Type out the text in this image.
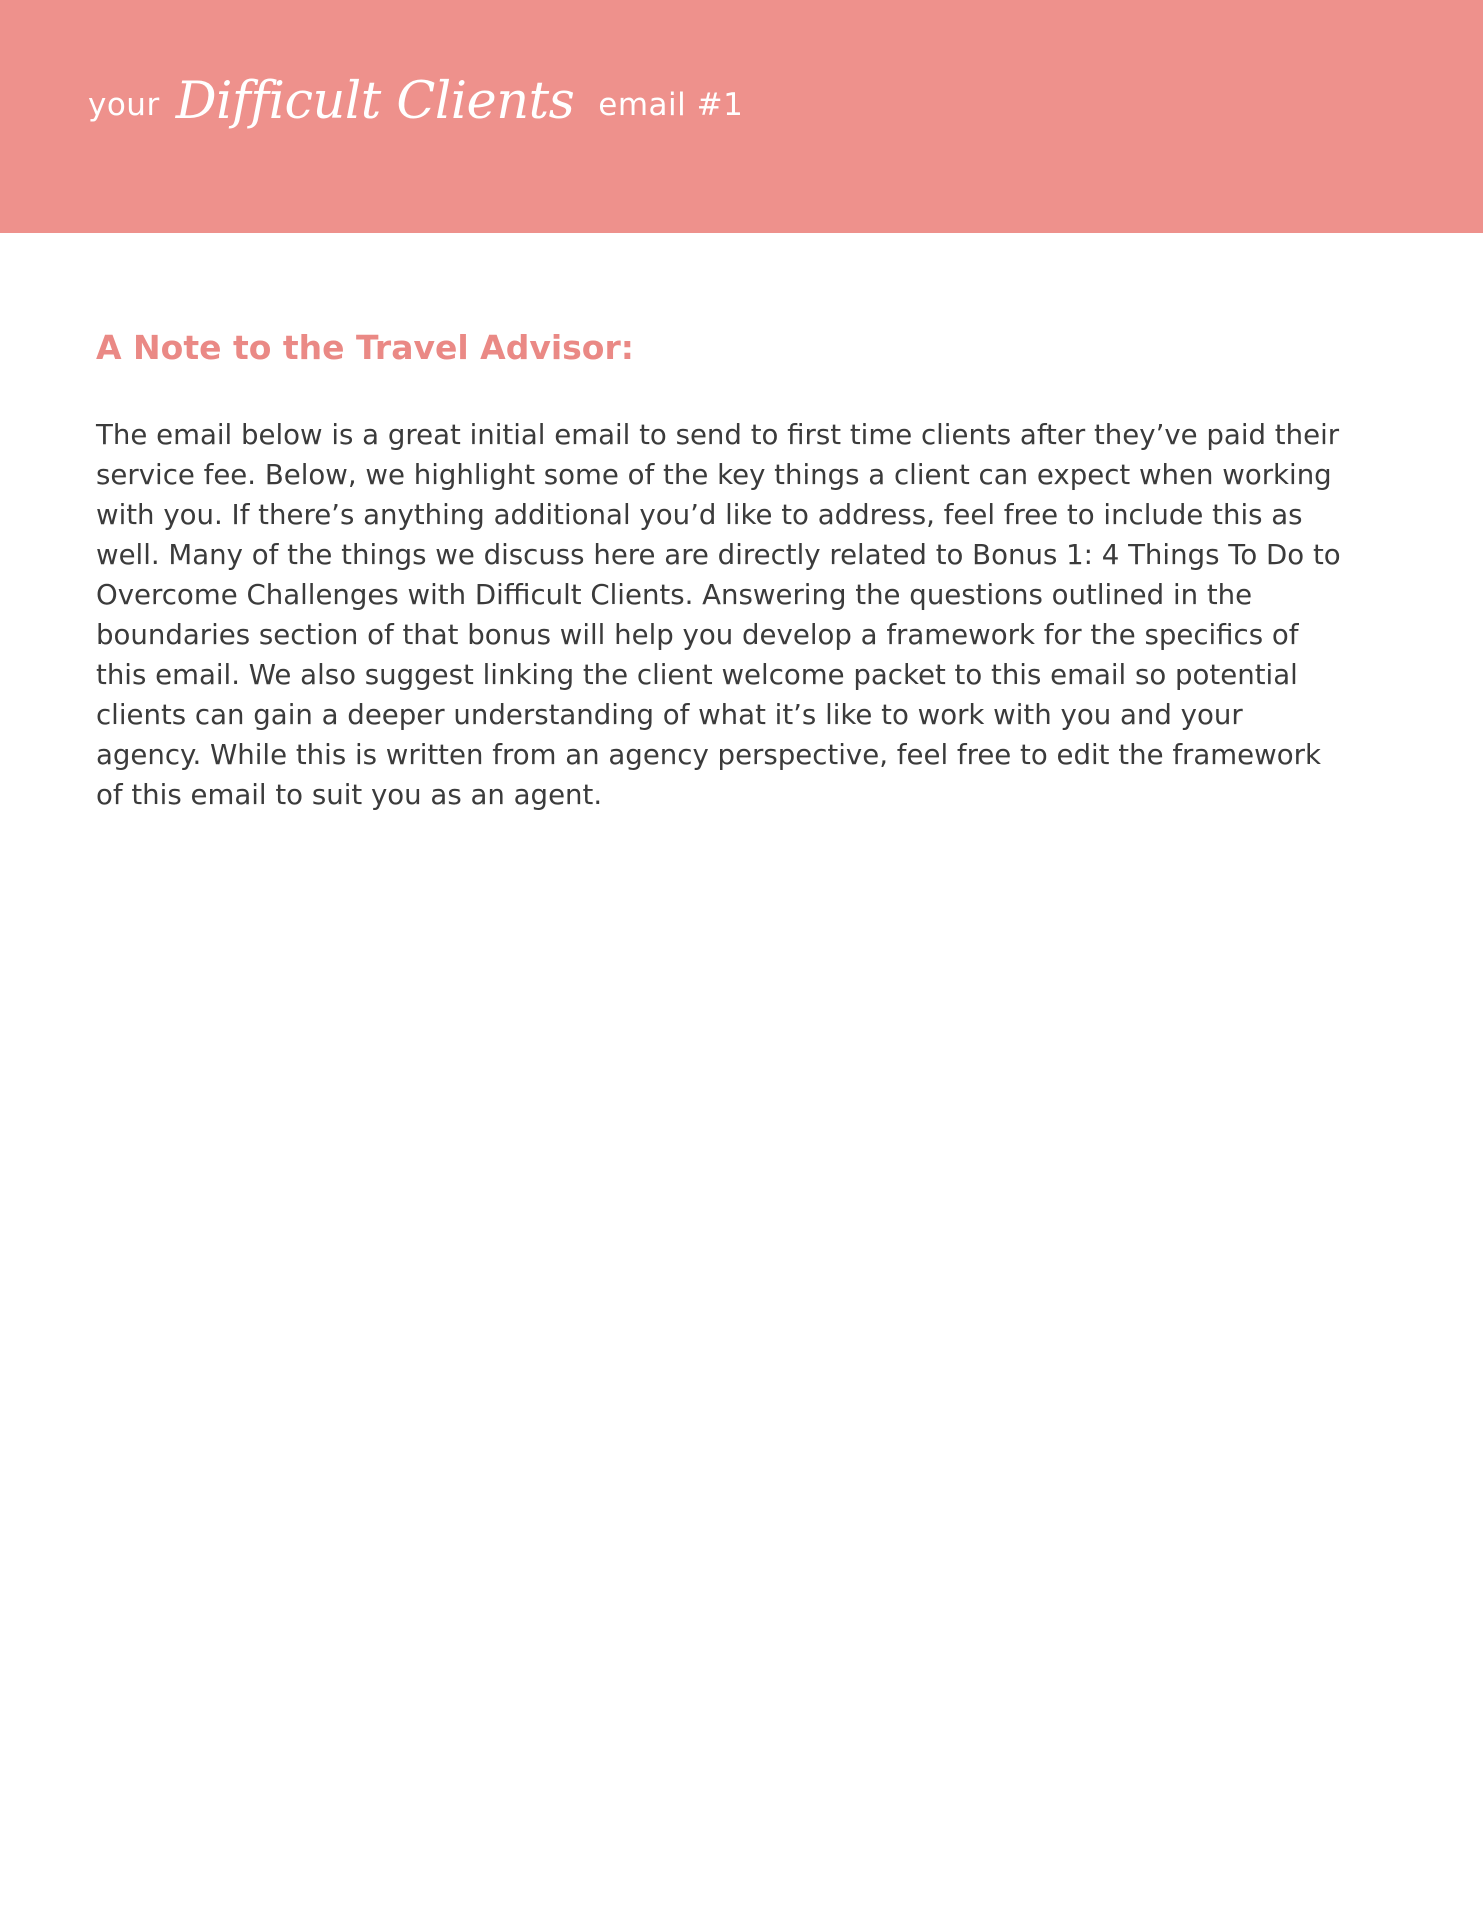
your Difficult Clients email #1
A Note to the Travel Advisor:

The email below is a great initial email to send to first time clients after they’ve paid their
service fee. Below, we highlight some of the key things a client can expect when working
with you. If there’s anything additional you’d like to address, feel free to include this as
well. Many of the things we discuss here are directly related to Bonus 1: 4 Things To Do to
Overcome Challenges with Difficult Clients. Answering the questions outlined in the
boundaries section of that bonus will help you develop a framework for the specifics of
this email. We also suggest linking the client welcome packet to this email so potential
clients can gain a deeper understanding of what it’s like to work with you and your
agency. While this is written from an agency perspective, feel free to edit the framework
of this email to suit you as an agent.
